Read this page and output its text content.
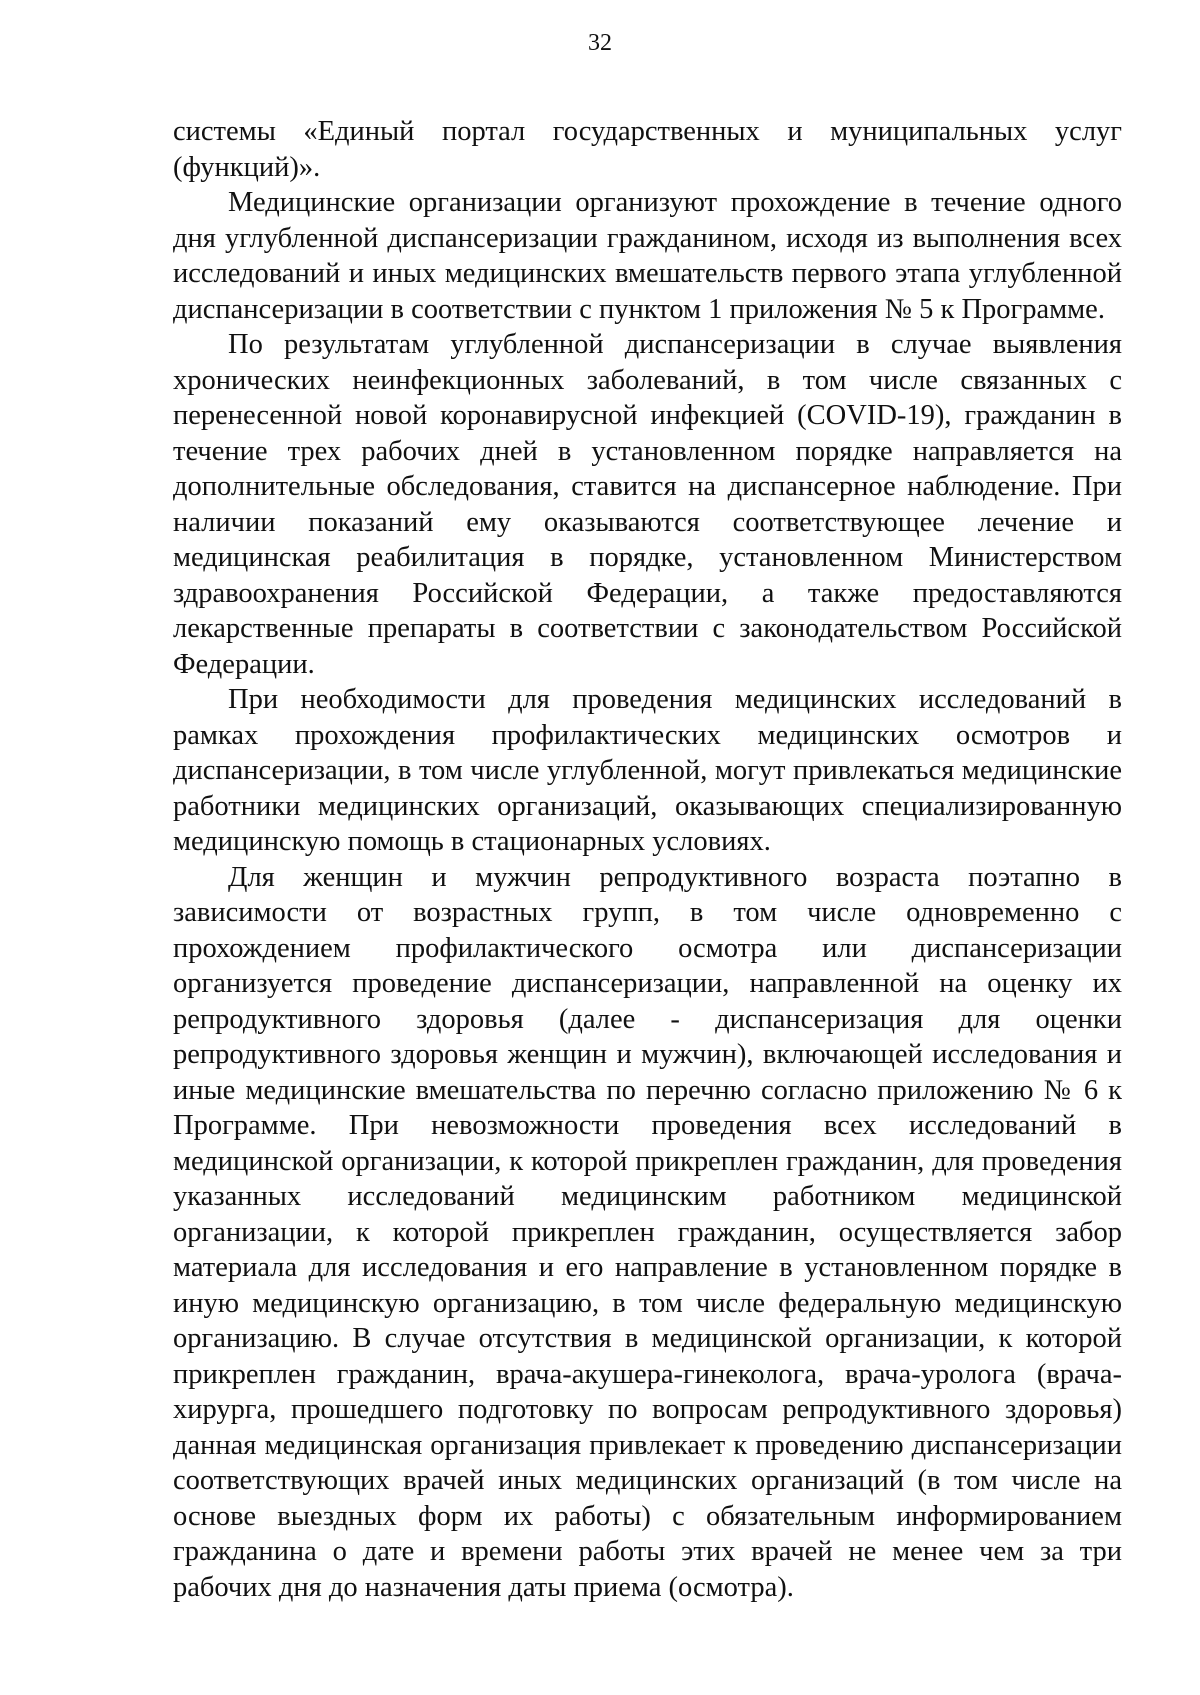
32

системы «Единый портал государственных и муниципальных услуг (функций)».

Медицинские организации организуют прохождение в течение одного дня углубленной диспансеризации гражданином, исходя из выполнения всех исследований и иных медицинских вмешательств первого этапа углубленной диспансеризации в соответствии с пунктом 1 приложения № 5 к Программе.

По результатам углубленной диспансеризации в случае выявления хронических неинфекционных заболеваний, в том числе связанных с перенесенной новой коронавирусной инфекцией (COVID-19), гражданин в течение трех рабочих дней в установленном порядке направляется на дополнительные обследования, ставится на диспансерное наблюдение. При наличии показаний ему оказываются соответствующее лечение и медицинская реабилитация в порядке, установленном Министерством здравоохранения Российской Федерации, а также предоставляются лекарственные препараты в соответствии с законодательством Российской Федерации.

При необходимости для проведения медицинских исследований в рамках прохождения профилактических медицинских осмотров и диспансеризации, в том числе углубленной, могут привлекаться медицинские работники медицинских организаций, оказывающих специализированную медицинскую помощь в стационарных условиях.

Для женщин и мужчин репродуктивного возраста поэтапно в зависимости от возрастных групп, в том числе одновременно с прохождением профилактического осмотра или диспансеризации организуется проведение диспансеризации, направленной на оценку их репродуктивного здоровья (далее - диспансеризация для оценки репродуктивного здоровья женщин и мужчин), включающей исследования и иные медицинские вмешательства по перечню согласно приложению № 6 к Программе. При невозможности проведения всех исследований в медицинской организации, к которой прикреплен гражданин, для проведения указанных исследований медицинским работником медицинской организации, к которой прикреплен гражданин, осуществляется забор материала для исследования и его направление в установленном порядке в иную медицинскую организацию, в том числе федеральную медицинскую организацию. В случае отсутствия в медицинской организации, к которой прикреплен гражданин, врача-акушера-гинеколога, врача-уролога (врача-хирурга, прошедшего подготовку по вопросам репродуктивного здоровья) данная медицинская организация привлекает к проведению диспансеризации соответствующих врачей иных медицинских организаций (в том числе на основе выездных форм их работы) с обязательным информированием гражданина о дате и времени работы этих врачей не менее чем за три рабочих дня до назначения даты приема (осмотра).
